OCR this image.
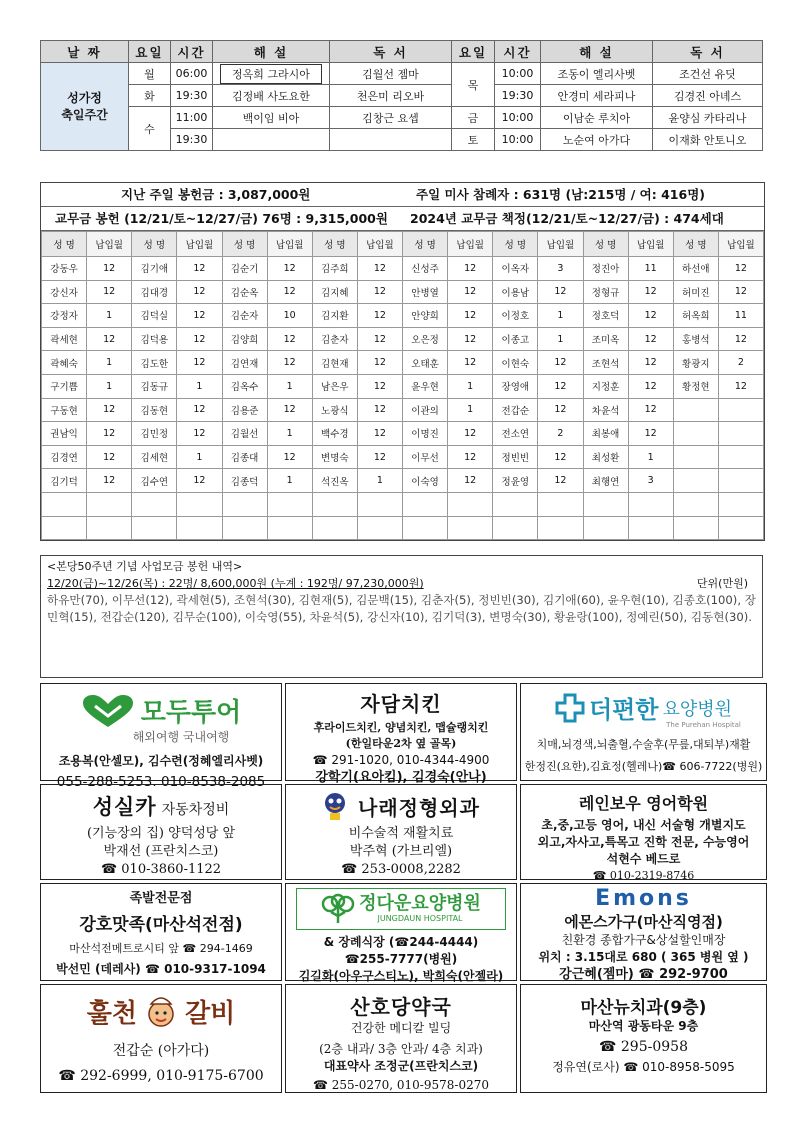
날 짜	요일	시간	해 설	독 서	요일	시간	해 설	독 서

성가정
축일주간	월	06:00	정옥희 그라시아	김월선 젬마	목	10:00	조동이 엘리사벳	조건선 유딧
	화	19:30	김정배 사도요한	천은미 리오바		19:30	안경미 세라피나	김경진 아녜스
	수	11:00	백이임 비아	김창근 요셉	금	10:00	이남순 루치아	윤양심 카타리나
		19:30			토	10:00	노순여 아가다	이재화 안토니오
지난 주일 봉헌금 : 3,087,000원	주일 미사 참례자 : 631명 (남:215명 / 여: 416명)
교무금 봉헌 (12/21/토~12/27/금) 76명 : 9,315,000원 2024년 교무금 책정(12/21/토~12/27/금) : 474세대
성 명	납입월	성 명	납입월	성 명	납입월	성 명	납입월	성 명	납입월	성 명	납입월	성 명	납입월	성 명	납입월
강동우	12	김기애	12	김순기	12	김주희	12	신성주	12	이옥자	3	정진아	11	하선애	12
강신자	12	김대경	12	김순옥	12	김지혜	12	안병열	12	이용남	12	정형규	12	허미진	12
강정자	1	김덕실	12	김순자	10	김지환	12	안양희	12	이정호	1	정호덕	12	허옥희	11
곽세현	12	김덕용	12	김양희	12	김춘자	12	오은정	12	이종고	1	조미옥	12	홍병석	12
곽혜숙	1	김도한	12	김연재	12	김현재	12	오태훈	12	이현숙	12	조현석	12	황광지	2
구기쁨	1	김동규	1	김옥수	1	남은우	12	윤우현	1	장영애	12	지정훈	12	황정현	12
구동현	12	김동현	12	김용준	12	노광식	12	이관의	1	전갑순	12	차윤석	12		
권남익	12	김민정	12	김월선	1	백수경	12	이명진	12	전소연	2	최봉애	12		
김경연	12	김세현	1	김종대	12	변명숙	12	이무선	12	정빈빈	12	최성환	1		
김기덕	12	김수연	12	김종덕	1	석진옥	1	이숙영	12	정윤영	12	최행연	3		

<본당50주년 기념 사업모금 봉헌 내역>
12/20(금)~12/26(목) : 22명/ 8,600,000원 (누계 : 192명/ 97,230,000원)	단위(만원)
하유만(70), 이무선(12), 곽세현(5), 조현석(30), 김현재(5), 김문백(15), 김춘자(5), 정빈빈(30), 김기애(60), 윤우현(10), 김종호(100), 장민혁(15), 전갑순(120), 김무순(100), 이숙영(55), 차윤석(5), 강신자(10), 김기덕(3), 변명숙(30), 황윤랑(100), 정예린(50), 김동현(30).
모두투어
해외여행 국내여행
조용복(안셀모), 김수련(정혜엘리사벳)
055-288-5253. 010-8538-2085
자담치킨
후라이드치킨, 양념치킨, 맵슐랭치킨
(한일타운2차 옆 골목)
☎ 291-1020, 010-4344-4900
강학기(요아킴), 김경숙(안나)
더편한 요양병원
The Purehan Hospital
치매,뇌경색,뇌출혈,수술후(무릎,대퇴부)재활
한정진(요한),김효정(헬레나)☎ 606-7722(병원)
성실카 자동차정비
(기능장의 집) 양덕성당 앞
박재선 (프란치스코)
☎ 010-3860-1122
나래정형외과
비수술적 재활치료
박주혁 (가브리엘)
☎ 253-0008,2282
레인보우 영어학원
초,중,고등 영어, 내신 서술형 개별지도
외고,자사고,특목고 진학 전문, 수능영어
석현수 베드로
☎ 010-2319-8746
족발전문점
강호맛족(마산석전점)
마산석전메트로시티 앞 ☎ 294-1469
박선민 (데레사) ☎ 010-9317-1094
정다운요양병원
JUNGDAUN HOSPITAL
& 장례식장 (☎244-4444)
☎255-7777(병원)
김길화(아우구스티노), 박희숙(안젤라)
Emons
에몬스가구(마산직영점)
친환경 종합가구&상설할인매장
위치 : 3.15대로 680 ( 365 병원 옆 )
강근혜(젬마) ☎ 292-9700
훌천 갈비
전갑순 (아가다)
☎ 292-6999, 010-9175-6700
산호당약국
건강한 메디칼 빌딩
(2층 내과/ 3층 안과/ 4층 치과)
대표약사 조정군(프란치스코)
☎ 255-0270, 010-9578-0270
마산뉴치과(9층)
마산역 광동타운 9층
☎ 295-0958
정유연(로사) ☎ 010-8958-5095
